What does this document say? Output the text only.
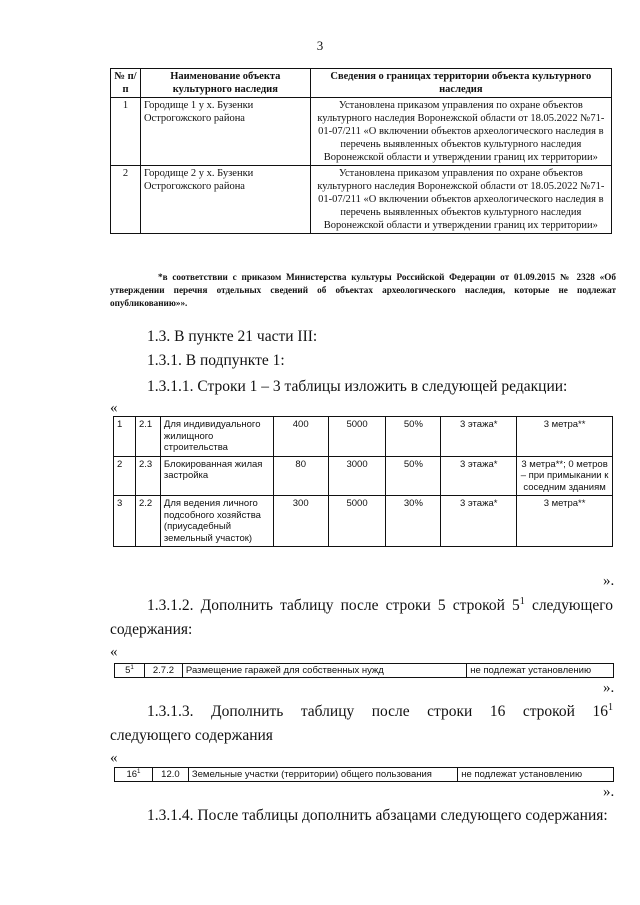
3
№ п/п	Наименование объекта культурного наследия	Сведения о границах территории объекта культурного наследия
1	Городище 1 у х. Бузенки Острогожского района	Установлена приказом управления по охране объектов культурного наследия Воронежской области от 18.05.2022 №71-01-07/211 «О включении объектов археологического наследия в перечень выявленных объектов культурного наследия Воронежской области и утверждении границ их территории»
2	Городище 2 у х. Бузенки Острогожского района	Установлена приказом управления по охране объектов культурного наследия Воронежской области от 18.05.2022 №71-01-07/211 «О включении объектов археологического наследия в перечень выявленных объектов культурного наследия Воронежской области и утверждении границ их территории»
*в соответствии с приказом Министерства культуры Российской Федерации от 01.09.2015 № 2328 «Об утверждении перечня отдельных сведений об объектах археологического наследия, которые не подлежат опубликованию»».
1.3. В пункте 21 части III:
1.3.1. В подпункте 1:
1.3.1.1. Строки 1 – 3 таблицы изложить в следующей редакции:
«
1	2.1	Для индивидуального жилищного строительства	400	5000	50%	3 этажа*	3 метра**
2	2.3	Блокированная жилая застройка	80	3000	50%	3 этажа*	3 метра**; 0 метров – при примыкании к соседним зданиям
3	2.2	Для ведения личного подсобного хозяйства (приусадебный земельный участок)	300	5000	30%	3 этажа*	3 метра**
».
1.3.1.2. Дополнить таблицу после строки 5 строкой $5^1$ следующего
содержания:
«
$5^1$	2.7.2	Размещение гаражей для собственных нужд	не подлежат установлению
».
1.3.1.3. Дополнить таблицу после строки 16 строкой $16^1$
следующего содержания
«
$16^1$	12.0	Земельные участки (территории) общего пользования	не подлежат установлению
».
1.3.1.4. После таблицы дополнить абзацами следующего содержания:
